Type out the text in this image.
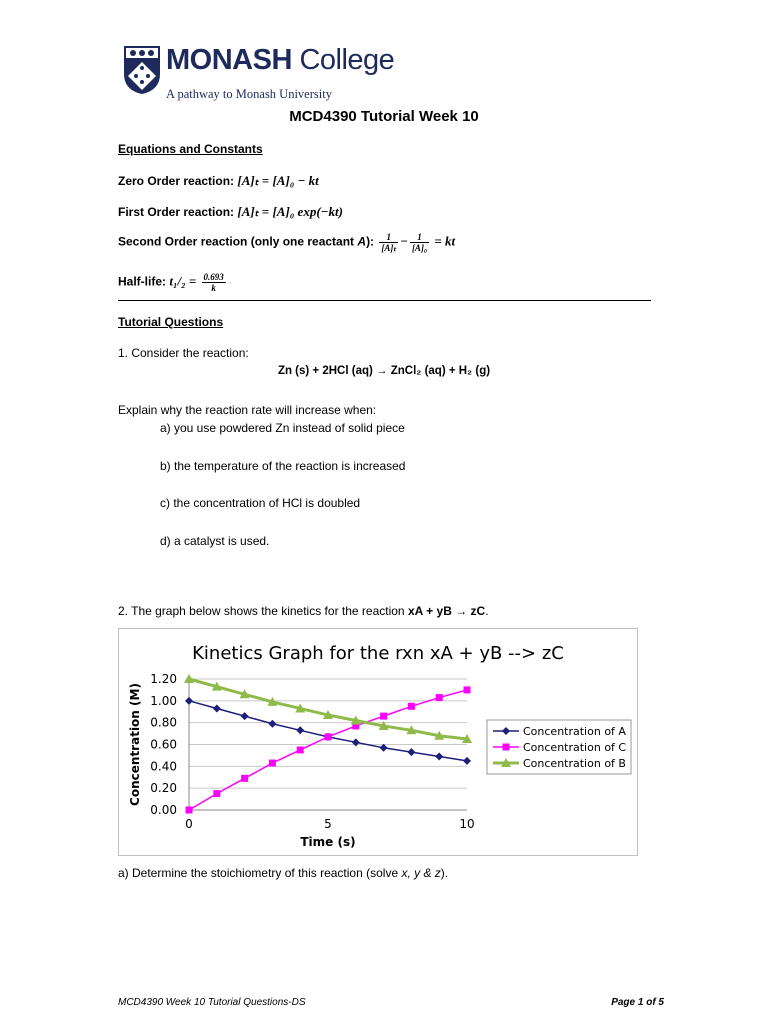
MONASH College
A pathway to Monash University
MCD4390 Tutorial Week 10
Equations and Constants
Zero Order reaction: [A]ₜ = [A]₀ − kt
First Order reaction: [A]ₜ = [A]₀ exp(−kt)
Second Order reaction (only one reactant A): $\frac{1}{\text{[A]ₜ}} - \frac{1}{\text{[A]₀}}$ = kt
Half-life: $t_1/_2 = \frac{0.693}{k}$
Tutorial Questions
1. Consider the reaction:
Zn (s) + 2HCl (aq) → ZnCl₂ (aq) + H₂ (g)
Explain why the reaction rate will increase when:
a) you use powdered Zn instead of solid piece
b) the temperature of the reaction is increased
c) the concentration of HCl is doubled
d) a catalyst is used.
2. The graph below shows the kinetics for the reaction xA + yB → zC.
Kinetics Graph for the rxn xA + yB --> zC
0.00
0.20
0.40
0.60
0.80
1.00
1.20
0	5	10
Time (s)
Concentration (M)	Concentration of A
Concentration of C
Concentration of B
a) Determine the stoichiometry of this reaction (solve x, y & z).
MCD4390 Week 10 Tutorial Questions-DS	Page 1 of 5
